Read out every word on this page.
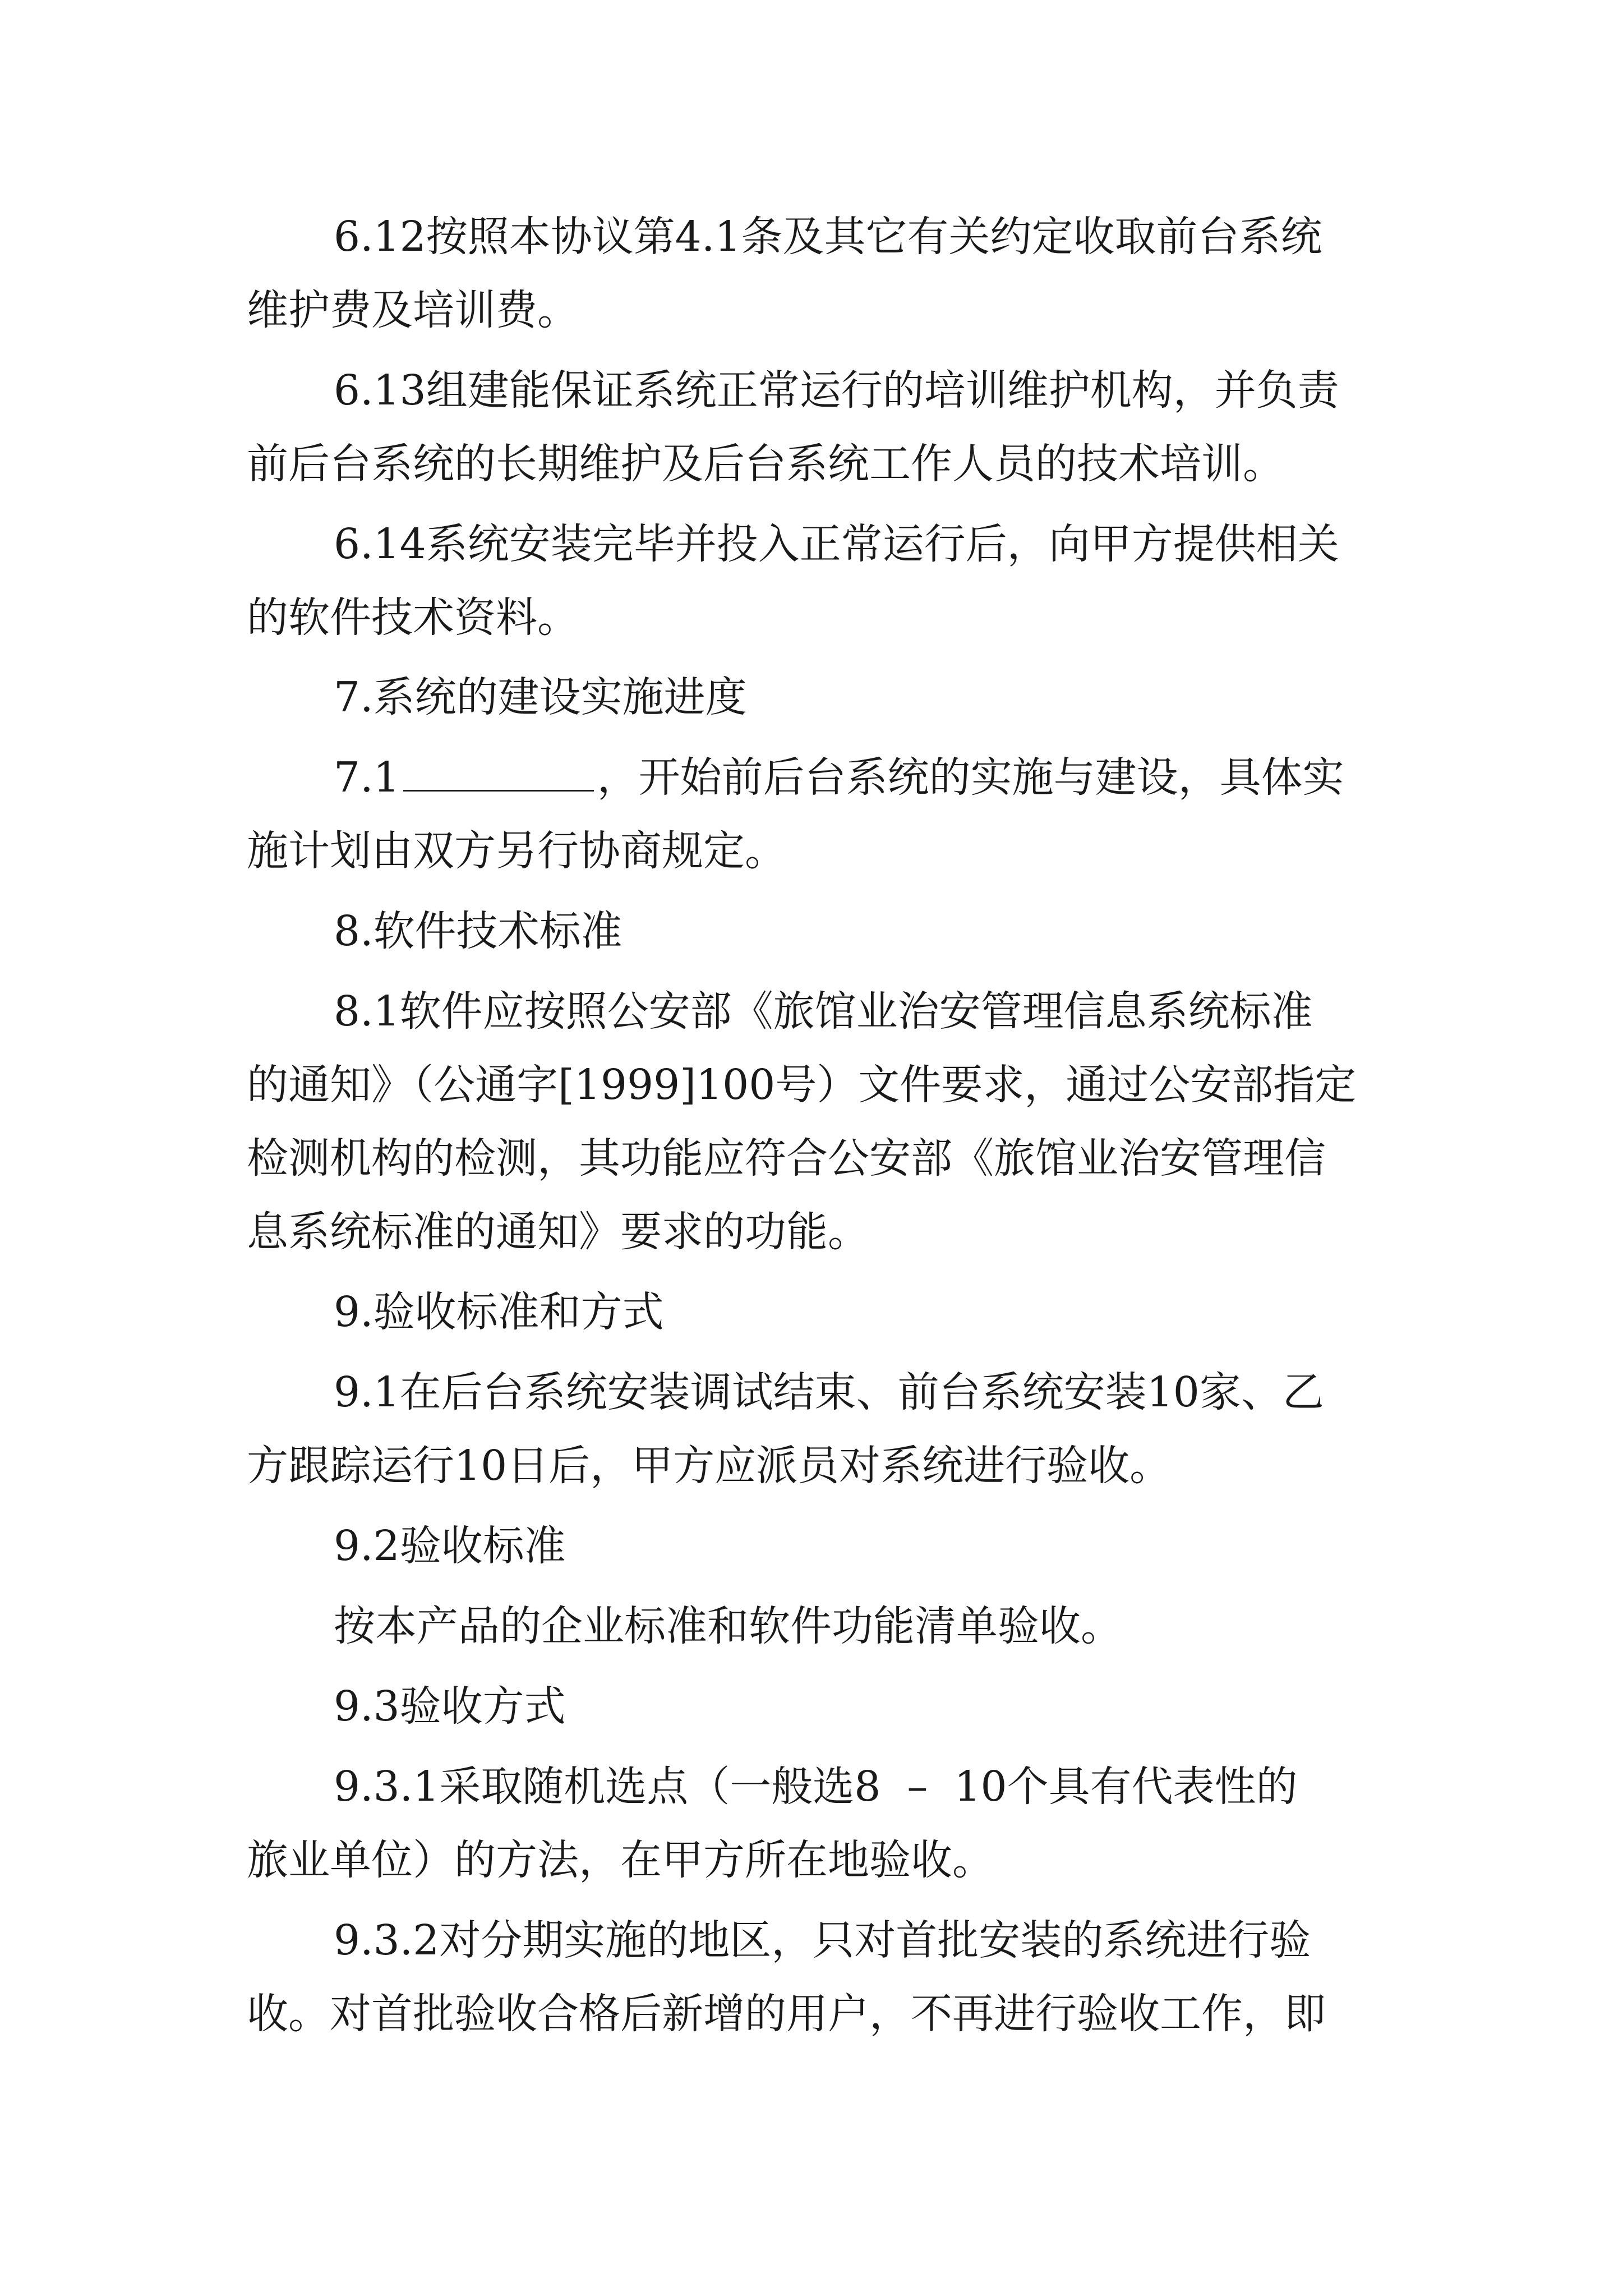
6.12按照本协议第4.1条及其它有关约定收取前台系统
维护费及培训费。
6.13组建能保证系统正常运行的培训维护机构，并负责
前后台系统的长期维护及后台系统工作人员的技术培训。
6.14系统安装完毕并投入正常运行后，向甲方提供相关
的软件技术资料。
7.系统的建设实施进度
7.1	，开始前后台系统的实施与建设，具体实
施计划由双方另行协商规定。
8.软件技术标准
8.1软件应按照公安部《旅馆业治安管理信息系统标准
的通知》（公通字[1999]100号）文件要求，通过公安部指定
检测机构的检测，其功能应符合公安部《旅馆业治安管理信
息系统标准的通知》要求的功能。
9.验收标准和方式
9.1在后台系统安装调试结束、前台系统安装10家、乙
方跟踪运行10日后，甲方应派员对系统进行验收。
9.2验收标准
按本产品的企业标准和软件功能清单验收。
9.3验收方式
9.3.1采取随机选点（一般选8  –  10个具有代表性的
旅业单位）的方法，在甲方所在地验收。
9.3.2对分期实施的地区，只对首批安装的系统进行验
收。对首批验收合格后新增的用户，不再进行验收工作，即
